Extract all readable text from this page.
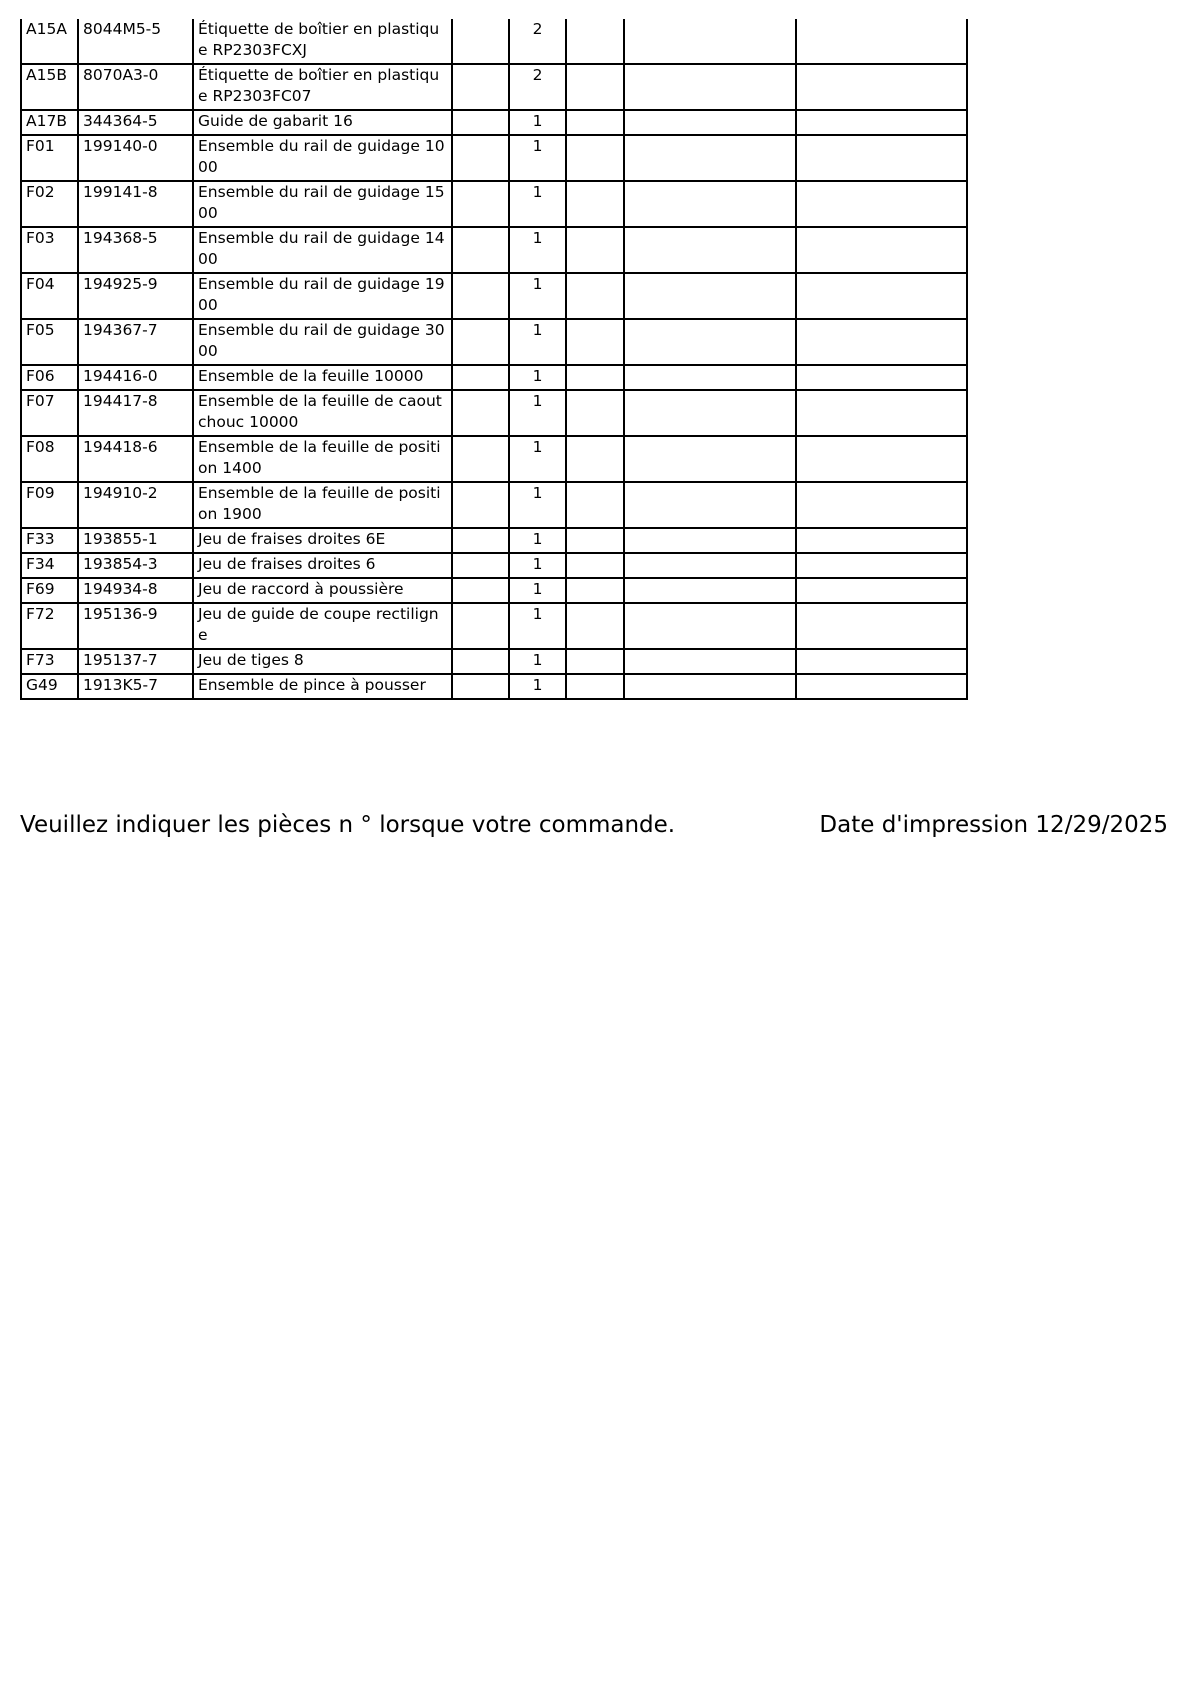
A15A	8044M5-5	Étiquette de boîtier en plastique RP2303FCXJ		2			
A15B	8070A3-0	Étiquette de boîtier en plastique RP2303FC07		2			
A17B	344364-5	Guide de gabarit 16		1			
F01	199140-0	Ensemble du rail de guidage 1000		1			
F02	199141-8	Ensemble du rail de guidage 1500		1			
F03	194368-5	Ensemble du rail de guidage 1400		1			
F04	194925-9	Ensemble du rail de guidage 1900		1			
F05	194367-7	Ensemble du rail de guidage 3000		1			
F06	194416-0	Ensemble de la feuille 10000		1			
F07	194417-8	Ensemble de la feuille de caoutchouc 10000		1			
F08	194418-6	Ensemble de la feuille de position 1400		1			
F09	194910-2	Ensemble de la feuille de position 1900		1			
F33	193855-1	Jeu de fraises droites 6E		1			
F34	193854-3	Jeu de fraises droites 6		1			
F69	194934-8	Jeu de raccord à poussière		1			
F72	195136-9	Jeu de guide de coupe rectiligne		1			
F73	195137-7	Jeu de tiges 8		1			
G49	1913K5-7	Ensemble de pince à pousser		1			
Veuillez indiquer les pièces n ° lorsque votre commande.	Date d'impression 12/29/2025
